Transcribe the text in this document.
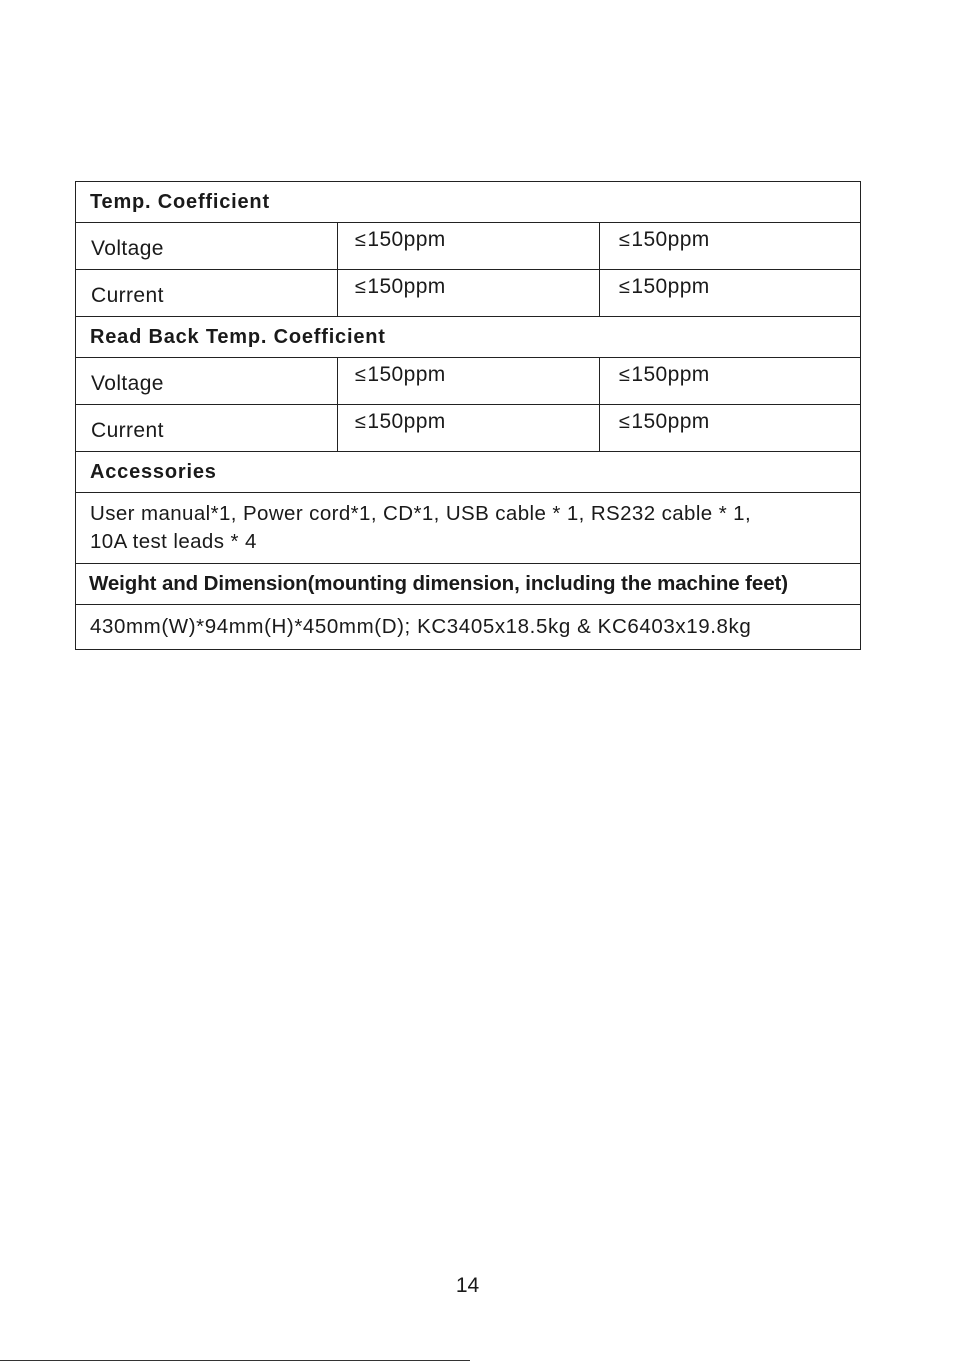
Temp. Coefficient		
Voltage	≤150ppm	≤150ppm
Current	≤150ppm	≤150ppm
Read Back Temp. Coefficient		
Voltage	≤150ppm	≤150ppm
Current	≤150ppm	≤150ppm
Accessories		
User manual*1, Power cord*1, CD*1, USB cable * 1, RS232 cable * 1,
10A test leads * 4		
Weight and Dimension(mounting dimension, including the machine feet)		
430mm(W)*94mm(H)*450mm(D); KC3405x18.5kg & KC6403x19.8kg		
14
